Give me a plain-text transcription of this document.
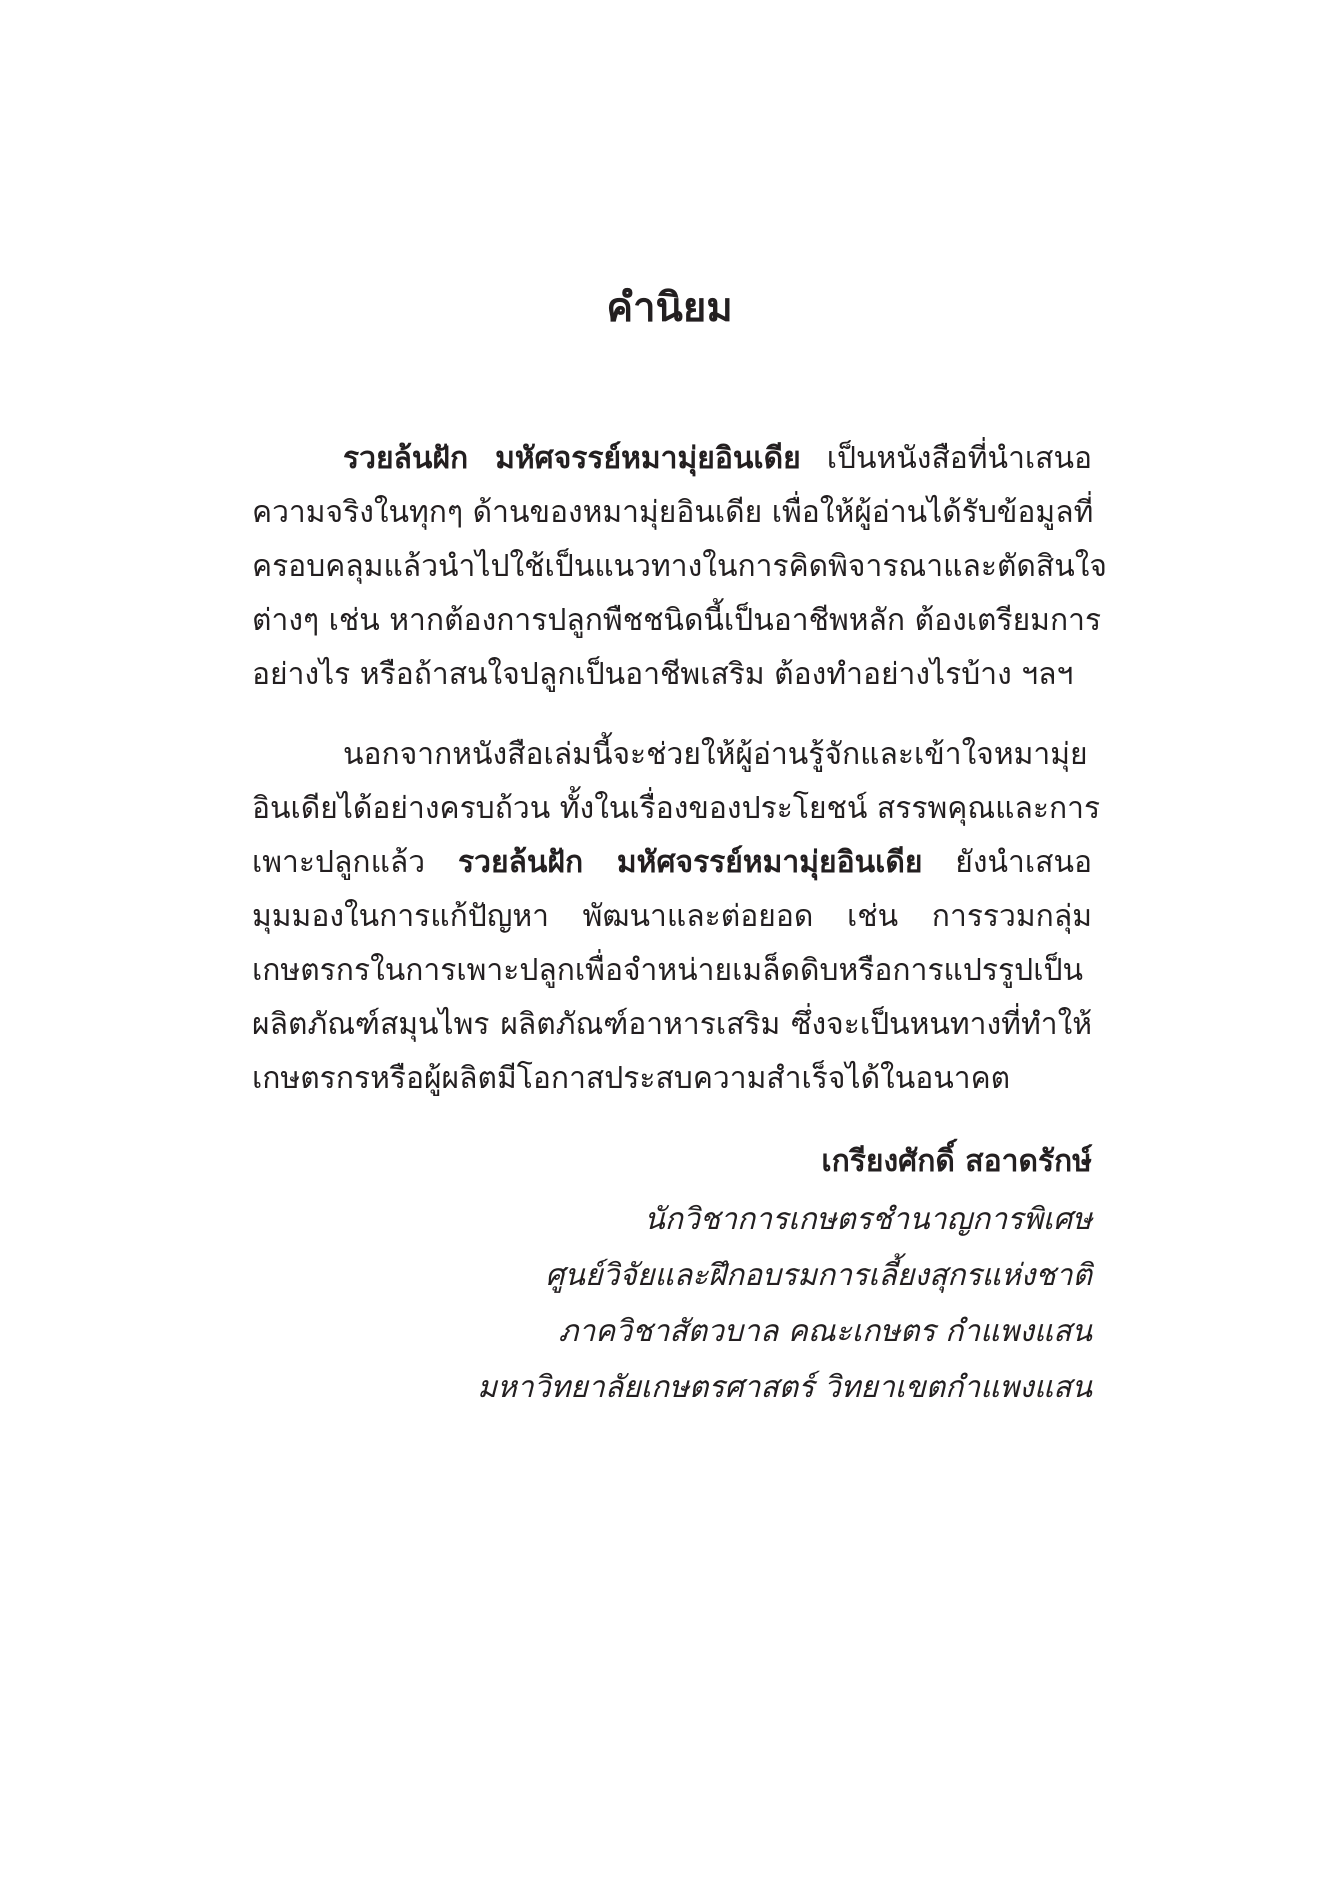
คำนิยม
รวยล้นฝัก มหัศจรรย์หมามุ่ยอินเดีย เป็นหนังสือที่นำเสนอ
ความจริงในทุกๆ ด้านของหมามุ่ยอินเดีย เพื่อให้ผู้อ่านได้รับข้อมูลที่
ครอบคลุมแล้วนำไปใช้เป็นแนวทางในการคิดพิจารณาและตัดสินใจ
ต่างๆ เช่น หากต้องการปลูกพืชชนิดนี้เป็นอาชีพหลัก ต้องเตรียมการ
อย่างไร หรือถ้าสนใจปลูกเป็นอาชีพเสริม ต้องทำอย่างไรบ้าง ฯลฯ
นอกจากหนังสือเล่มนี้จะช่วยให้ผู้อ่านรู้จักและเข้าใจหมามุ่ย
อินเดียได้อย่างครบถ้วน ทั้งในเรื่องของประโยชน์ สรรพคุณและการ
เพาะปลูกแล้ว รวยล้นฝัก มหัศจรรย์หมามุ่ยอินเดีย ยังนำเสนอ
มุมมองในการแก้ปัญหา พัฒนาและต่อยอด เช่น การรวมกลุ่ม
เกษตรกรในการเพาะปลูกเพื่อจำหน่ายเมล็ดดิบหรือการแปรรูปเป็น
ผลิตภัณฑ์สมุนไพร ผลิตภัณฑ์อาหารเสริม ซึ่งจะเป็นหนทางที่ทำให้
เกษตรกรหรือผู้ผลิตมีโอกาสประสบความสำเร็จได้ในอนาคต
เกรียงศักดิ์ สอาดรักษ์
นักวิชาการเกษตรชำนาญการพิเศษ
ศูนย์วิจัยและฝึกอบรมการเลี้ยงสุกรแห่งชาติ
ภาควิชาสัตวบาล คณะเกษตร กำแพงแสน
มหาวิทยาลัยเกษตรศาสตร์ วิทยาเขตกำแพงแสน
